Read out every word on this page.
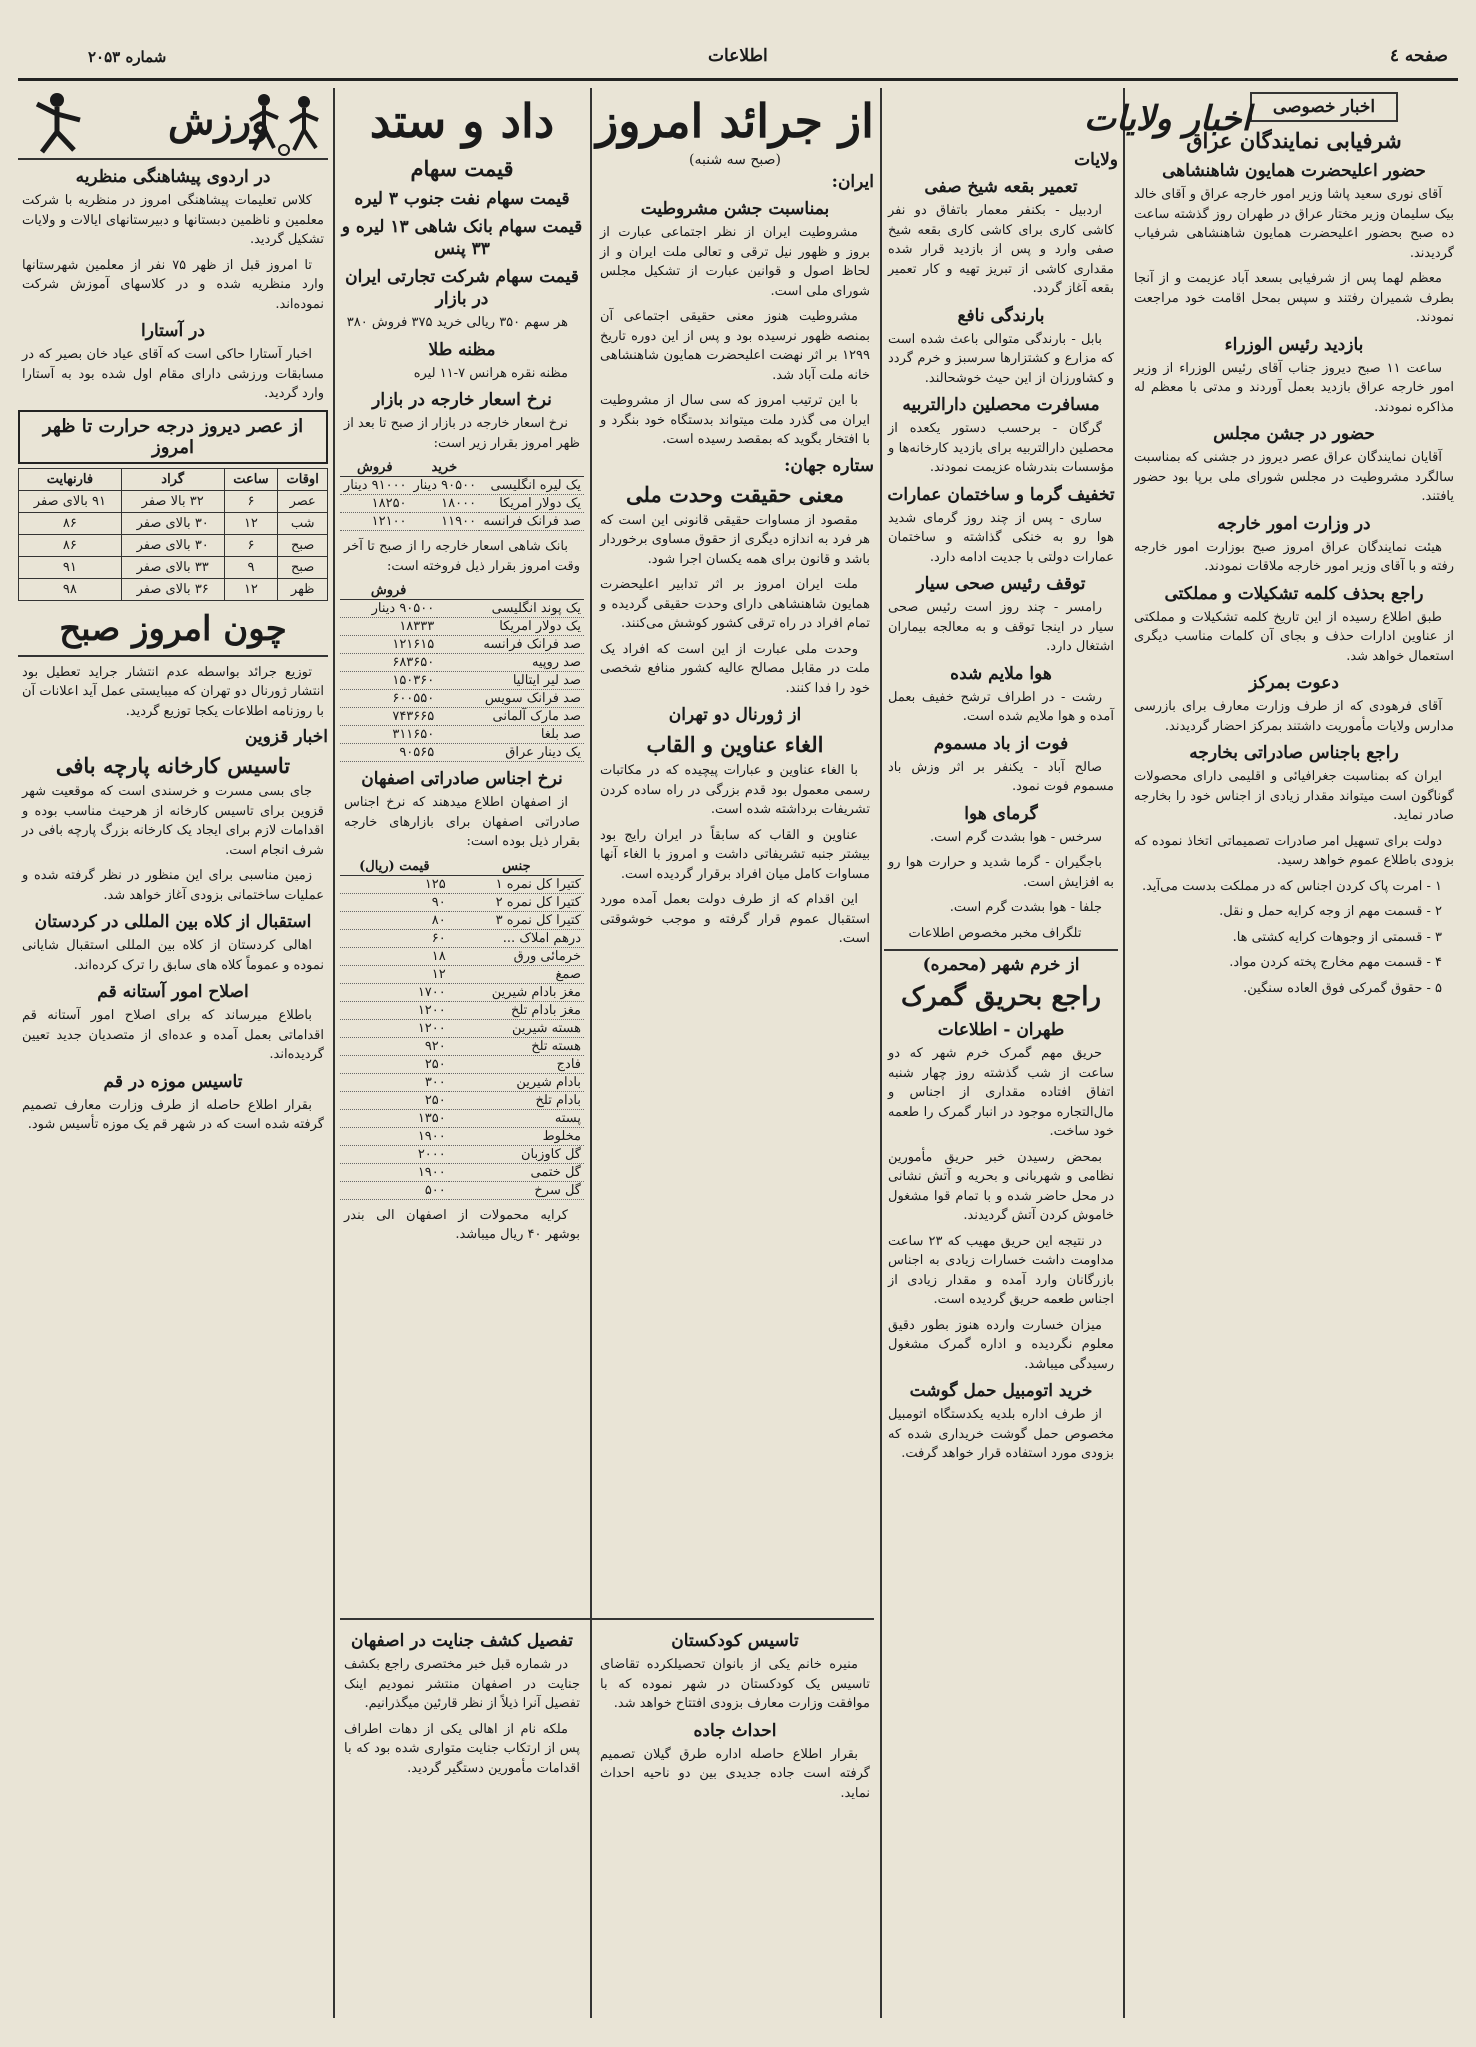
صفحه ٤
اطلاعات
شماره ۲۰۵۳
اخبار خصوصی
شرفیابی نمایندگان عراق
حضور اعلیحضرت همایون شاهنشاهی

آقای نوری سعید پاشا وزیر امور خارجه عراق و آقای خالد بیک سلیمان وزیر مختار عراق در طهران روز گذشته ساعت ده صبح بحضور اعلیحضرت همایون شاهنشاهی شرفیاب گردیدند.

معظم لهما پس از شرفیابی بسعد آباد عزیمت و از آنجا بطرف شمیران رفتند و سپس بمحل اقامت خود مراجعت نمودند.

بازدید رئیس الوزراء

ساعت ۱۱ صبح دیروز جناب آقای رئیس الوزراء از وزیر امور خارجه عراق بازدید بعمل آوردند و مدتی با معظم له مذاکره نمودند.

حضور در جشن مجلس

آقایان نمایندگان عراق عصر دیروز در جشنی که بمناسبت سالگرد مشروطیت در مجلس شورای ملی برپا بود حضور یافتند.

در وزارت امور خارجه

هیئت نمایندگان عراق امروز صبح بوزارت امور خارجه رفته و با آقای وزیر امور خارجه ملاقات نمودند.

راجع بحذف کلمه تشکیلات و مملکتی

طبق اطلاع رسیده از این تاریخ کلمه تشکیلات و مملکتی از عناوین ادارات حذف و بجای آن کلمات مناسب دیگری استعمال خواهد شد.

دعوت بمرکز

آقای فرهودی که از طرف وزارت معارف برای بازرسی مدارس ولایات مأموریت داشتند بمرکز احضار گردیدند.

راجع باجناس صادراتی بخارجه

ایران که بمناسبت جغرافیائی و اقلیمی دارای محصولات گوناگون است میتواند مقدار زیادی از اجناس خود را بخارجه صادر نماید.

دولت برای تسهیل امر صادرات تصمیماتی اتخاذ نموده که بزودی باطلاع عموم خواهد رسید.

۱ - امرت پاک کردن اجناس که در مملکت بدست می‌آید.

۲ - قسمت مهم از وجه کرایه حمل و نقل.

۳ - قسمتی از وجوهات کرایه کشتی ها.

۴ - قسمت مهم مخارج پخته کردن مواد.

۵ - حقوق گمرکی فوق العاده سنگین.

اخبار ولایات
ولایات
تعمیر بقعه شیخ صفی

اردبیل - بکنفر معمار باتفاق دو نفر کاشی کاری برای کاشی کاری بقعه شیخ صفی وارد و پس از بازدید قرار شده مقداری کاشی از تبریز تهیه و کار تعمیر بقعه آغاز گردد.

بارندگی نافع

بابل - بارندگی متوالی باعث شده است که مزارع و کشتزارها سرسبز و خرم گردد و کشاورزان از این حیث خوشحالند.

مسافرت محصلین دارالتربیه

گرگان - برحسب دستور یکعده از محصلین دارالتربیه برای بازدید کارخانه‌ها و مؤسسات بندرشاه عزیمت نمودند.

تخفیف گرما و ساختمان عمارات

ساری - پس از چند روز گرمای شدید هوا رو به خنکی گذاشته و ساختمان عمارات دولتی با جدیت ادامه دارد.

توقف رئیس صحی سیار

رامسر - چند روز است رئیس صحی سیار در اینجا توقف و به معالجه بیماران اشتغال دارد.

هوا ملایم شده

رشت - در اطراف ترشح خفیف بعمل آمده و هوا ملایم شده است.

فوت از باد مسموم

صالح آباد - یکنفر بر اثر وزش باد مسموم فوت نمود.

گرمای هوا

سرخس - هوا بشدت گرم است.

باجگیران - گرما شدید و حرارت هوا رو به افزایش است.

جلفا - هوا بشدت گرم است.

تلگراف مخبر مخصوص اطلاعات

از خرم شهر (محمره)
راجع بحریق گمرک
طهران - اطلاعات

حریق مهم گمرک خرم شهر که دو ساعت از شب گذشته روز چهار شنبه اتفاق افتاده مقداری از اجناس و مال‌التجاره موجود در انبار گمرک را طعمه خود ساخت.

بمحض رسیدن خبر حریق مأمورین نظامی و شهربانی و بحریه و آتش نشانی در محل حاضر شده و با تمام قوا مشغول خاموش کردن آتش گردیدند.

در نتیجه این حریق مهیب که ۲۳ ساعت مداومت داشت خسارات زیادی به اجناس بازرگانان وارد آمده و مقدار زیادی از اجناس طعمه حریق گردیده است.

میزان خسارت وارده هنوز بطور دقیق معلوم نگردیده و اداره گمرک مشغول رسیدگی میباشد.

خرید اتومبیل حمل گوشت

از طرف اداره بلدیه یکدستگاه اتومبیل مخصوص حمل گوشت خریداری شده که بزودی مورد استفاده قرار خواهد گرفت.

از جرائد امروز
(صبح سه شنبه)
ایران:
بمناسبت جشن مشروطیت

مشروطیت ایران از نظر اجتماعی عبارت از بروز و ظهور نیل ترقی و تعالی ملت ایران و از لحاظ اصول و قوانین عبارت از تشکیل مجلس شورای ملی است.

مشروطیت هنوز معنی حقیقی اجتماعی آن بمنصه ظهور نرسیده بود و پس از این دوره تاریخ ۱۲۹۹ بر اثر نهضت اعلیحضرت همایون شاهنشاهی خانه ملت آباد شد.

با این ترتیب امروز که سی سال از مشروطیت ایران می گذرد ملت میتواند بدستگاه خود بنگرد و با افتخار بگوید که بمقصد رسیده است.

ستاره جهان:
معنی حقیقت وحدت ملی

مقصود از مساوات حقیقی قانونی این است که هر فرد به اندازه دیگری از حقوق مساوی برخوردار باشد و قانون برای همه یکسان اجرا شود.

ملت ایران امروز بر اثر تدابیر اعلیحضرت همایون شاهنشاهی دارای وحدت حقیقی گردیده و تمام افراد در راه ترقی کشور کوشش می‌کنند.

وحدت ملی عبارت از این است که افراد یک ملت در مقابل مصالح عالیه کشور منافع شخصی خود را فدا کنند.

از ژورنال دو تهران
الغاء عناوین و القاب

با الغاء عناوین و عبارات پیچیده که در مکاتبات رسمی معمول بود قدم بزرگی در راه ساده کردن تشریفات برداشته شده است.

عناوین و القاب که سابقاً در ایران رایج بود بیشتر جنبه تشریفاتی داشت و امروز با الغاء آنها مساوات کامل میان افراد برقرار گردیده است.

این اقدام که از طرف دولت بعمل آمده مورد استقبال عموم قرار گرفته و موجب خوشوقتی است.

داد و ستد
قیمت سهام
قیمت سهام نفت جنوب ۳ لیره
قیمت سهام بانک شاهی ۱۳ لیره و ۳۳ پنس
قیمت سهام شرکت تجارتی ایران در بازار

هر سهم ۳۵۰ ریالی خرید ۳۷۵ فروش ۳۸۰

مظنه طلا

مظنه نقره هرانس ۷-۱۱ لیره

نرخ اسعار خارجه در بازار

نرخ اسعار خارجه در بازار از صبح تا بعد از ظهر امروز بقرار زیر است:

	خرید	فروش
یک لیره انگلیسی	۹۰۵۰۰ دینار	۹۱۰۰۰ دینار
یک دولار امریکا	۱۸۰۰۰	۱۸۲۵۰
صد فرانک فرانسه	۱۱۹۰۰	۱۲۱۰۰

بانک شاهی اسعار خارجه را از صبح تا آخر وقت امروز بقرار ذیل فروخته است:

	فروش
یک پوند انگلیسی	۹۰۵۰۰ دینار
یک دولار امریکا	۱۸۳۳۳
صد فرانک فرانسه	۱۲۱۶۱۵
صد روپیه	۶۸۳۶۵۰
صد لیر ایتالیا	۱۵۰۳۶۰
صد فرانک سویس	۶۰۰۵۵۰
صد مارک آلمانی	۷۴۳۶۶۵
صد بلغا	۳۱۱۶۵۰
یک دینار عراق	۹۰۵۶۵
نرخ اجناس صادراتی اصفهان

از اصفهان اطلاع میدهند که نرخ اجناس صادراتی اصفهان برای بازارهای خارجه بقرار ذیل بوده است:

جنس	قیمت (ریال)
کتیرا کل نمره ۱	۱۲۵
کتیرا کل نمره ۲	۹۰
کتیرا کل نمره ۳	۸۰
درهم املاک ...	۶۰
خرمائی ورق	۱۸
صمغ	۱۲
مغز بادام شیرین	۱۷۰۰
مغز بادام تلخ	۱۲۰۰
هسته شیرین	۱۲۰۰
هسته تلخ	۹۲۰
فادج	۲۵۰
بادام شیرین	۳۰۰
بادام تلخ	۲۵۰
پسته	۱۳۵۰
مخلوط	۱۹۰۰
گل کاوزبان	۲۰۰۰
گل ختمی	۱۹۰۰
گل سرخ	۵۰۰

کرایه محمولات از اصفهان الی بندر بوشهر ۴۰ ریال میباشد.

ورزش
در اردوی پیشاهنگی منظریه

کلاس تعلیمات پیشاهنگی امروز در منظریه با شرکت معلمین و ناظمین دبستانها و دبیرستانهای ایالات و ولایات تشکیل گردید.

تا امروز قبل از ظهر ۷۵ نفر از معلمین شهرستانها وارد منظریه شده و در کلاسهای آموزش شرکت نموده‌اند.

در آستارا

اخبار آستارا حاکی است که آقای عیاد خان بصیر که در مسابقات ورزشی دارای مقام اول شده بود به آستارا وارد گردید.

از عصر دیروز درجه حرارت تا ظهر امروز
اوقات	ساعت	گراد	فارنهایت
عصر	۶	۳۲ بالا صفر	۹۱ بالای صفر
شب	۱۲	۳۰ بالای صفر	۸۶
صبح	۶	۳۰ بالای صفر	۸۶
صبح	۹	۳۳ بالای صفر	۹۱
ظهر	۱۲	۳۶ بالای صفر	۹۸
چون امروز صبح

توزیع جرائد بواسطه عدم انتشار جراید تعطیل بود انتشار ژورنال دو تهران که میبایستی عمل آید اعلانات آن با روزنامه اطلاعات یکجا توزیع گردید.

اخبار قزوین
تاسیس کارخانه پارچه بافی

جای بسی مسرت و خرسندی است که موقعیت شهر قزوین برای تاسیس کارخانه از هرحیث مناسب بوده و اقدامات لازم برای ایجاد یک کارخانه بزرگ پارچه بافی در شرف انجام است.

زمین مناسبی برای این منظور در نظر گرفته شده و عملیات ساختمانی بزودی آغاز خواهد شد.

استقبال از کلاه بین المللی در کردستان

اهالی کردستان از کلاه بین المللی استقبال شایانی نموده و عموماً کلاه های سابق را ترک کرده‌اند.

اصلاح امور آستانه قم

باطلاع میرساند که برای اصلاح امور آستانه قم اقداماتی بعمل آمده و عده‌ای از متصدیان جدید تعیین گردیده‌اند.

تاسیس موزه در قم

بقرار اطلاع حاصله از طرف وزارت معارف تصمیم گرفته شده است که در شهر قم یک موزه تأسیس شود.

تاسیس کودکستان

منیره خانم یکی از بانوان تحصیلکرده تقاضای تاسیس یک کودکستان در شهر نموده که با موافقت وزارت معارف بزودی افتتاح خواهد شد.

احداث جاده

بقرار اطلاع حاصله اداره طرق گیلان تصمیم گرفته است جاده جدیدی بین دو ناحیه احداث نماید.

تفصیل کشف جنایت در اصفهان

در شماره قبل خبر مختصری راجع بکشف جنایت در اصفهان منتشر نمودیم اینک تفصیل آنرا ذیلاً از نظر قارئین میگذرانیم.

ملکه نام از اهالی یکی از دهات اطراف پس از ارتکاب جنایت متواری شده بود که با اقدامات مأمورین دستگیر گردید.
